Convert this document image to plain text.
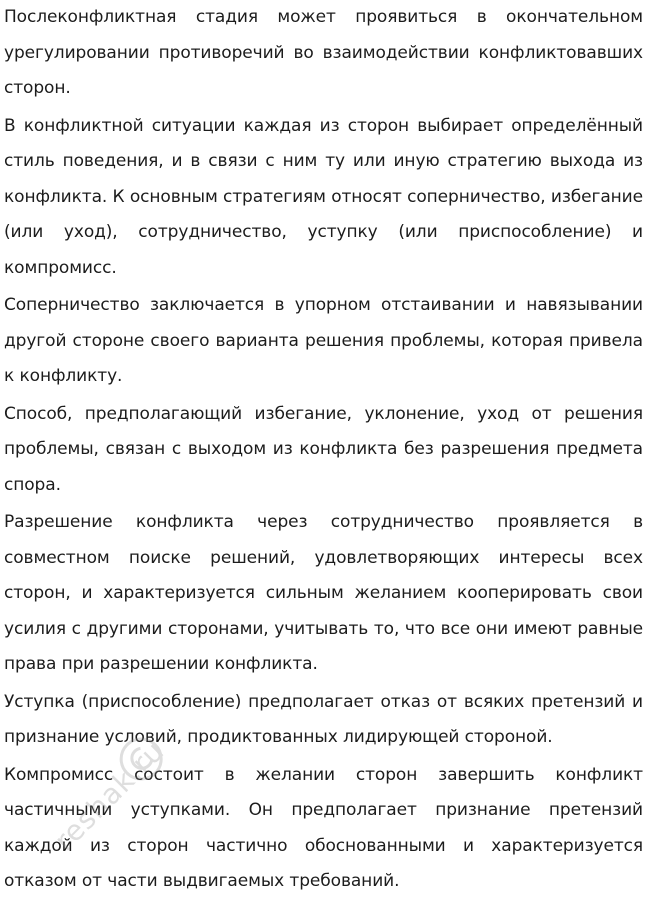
Послеконфликтная стадия может проявиться в окончательном урегулировании противоречий во взаимодействии конфликтовавших сторон.

В конфликтной ситуации каждая из сторон выбирает определённый стиль поведения, и в связи с ним ту или иную стратегию выхода из конфликта. К основным стратегиям относят соперничество, избегание (или уход), сотрудничество, уступку (или приспособление) и компромисс.

Соперничество заключается в упорном отстаивании и навязывании другой стороне своего варианта решения проблемы, которая привела к конфликту.

Способ, предполагающий избегание, уклонение, уход от решения проблемы, связан с выходом из конфликта без разрешения предмета спора.

Разрешение конфликта через сотрудничество проявляется в совместном поиске решений, удовлетворяющих интересы всех сторон, и характеризуется сильным желанием кооперировать свои усилия с другими сторонами, учитывать то, что все они имеют равные права при разрешении конфликта.

Уступка (приспособление) предполагает отказ от всяких претензий и признание условий, продиктованных лидирующей стороной.

Компромисс состоит в желании сторон завершить конфликт частичными уступками. Он предполагает признание претензий каждой из сторон частично обоснованными и характеризуется отказом от части выдвигаемых требований.

reshak.ru
